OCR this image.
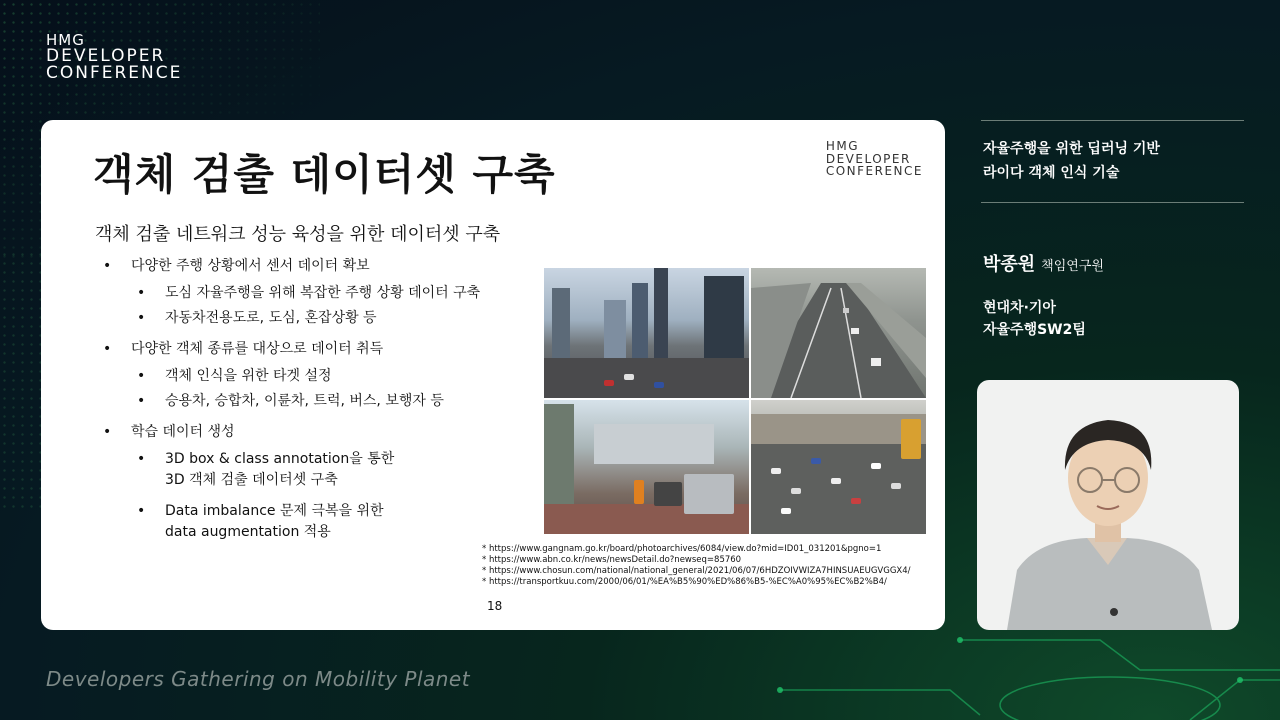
HMG
DEVELOPER
CONFERENCE
객체 검출 데이터셋 구축
HMG
DEVELOPER
CONFERENCE
객체 검출 네트워크 성능 육성을 위한 데이터셋 구축
• 다양한 주행 상황에서 센서 데이터 확보
• 도심 자율주행을 위해 복잡한 주행 상황 데이터 구축
• 자동차전용도로, 도심, 혼잡상황 등
• 다양한 객체 종류를 대상으로 데이터 취득
• 객체 인식을 위한 타겟 설정
• 승용차, 승합차, 이륜차, 트럭, 버스, 보행자 등
• 학습 데이터 생성
• 3D box & class annotation을 통한
3D 객체 검출 데이터셋 구축
• Data imbalance 문제 극복을 위한
data augmentation 적용
* https://www.gangnam.go.kr/board/photoarchives/6084/view.do?mid=ID01_031201&pgno=1
* https://www.abn.co.kr/news/newsDetail.do?newseq=85760
* https://www.chosun.com/national/national_general/2021/06/07/6HDZOIVWIZA7HINSUAEUGVGGX4/
* https://transportkuu.com/2000/06/01/%EA%B5%90%ED%86%B5-%EC%A0%95%EC%B2%B4/
18
자율주행을 위한 딥러닝 기반
라이다 객체 인식 기술
박종원 책임연구원
현대차·기아
자율주행SW2팀
Developers Gathering on Mobility Planet
